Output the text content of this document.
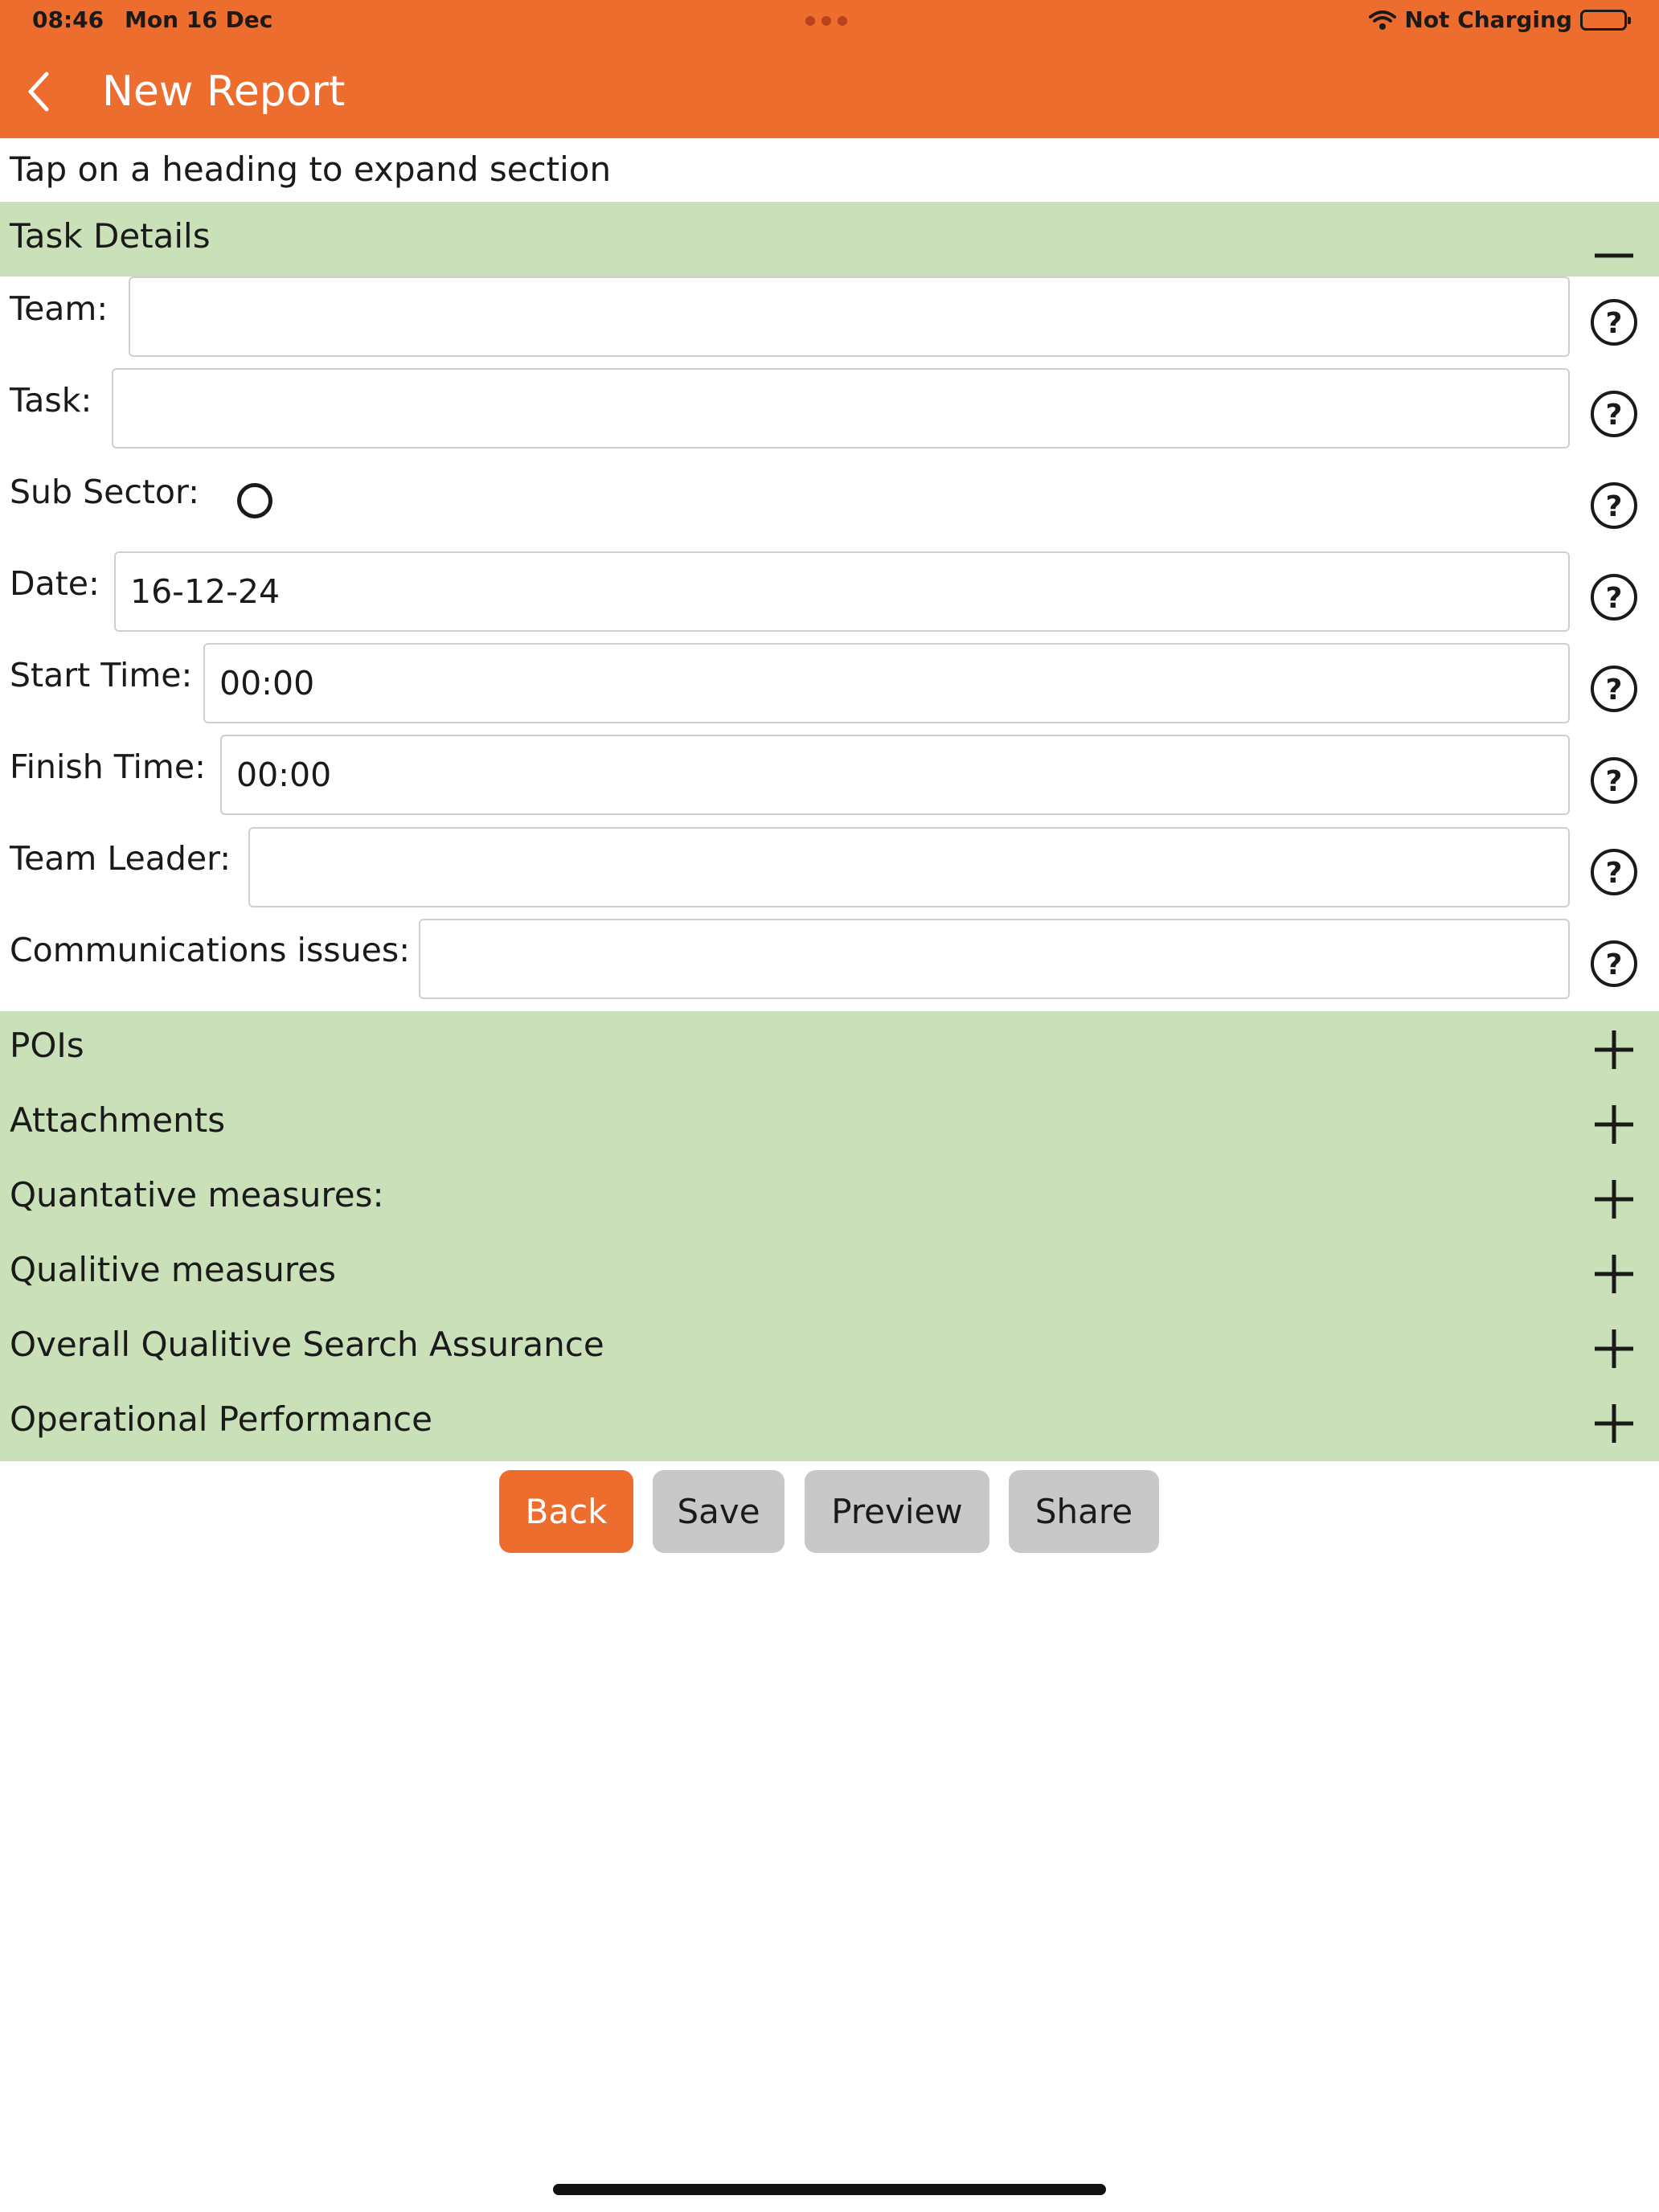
08:46 Mon 16 Dec	Not Charging
New Report
Tap on a heading to expand section
Task Details
Team:	?
Task:	?
Sub Sector:	?
Date: 16-12-24	?
Start Time: 00:00	?
Finish Time: 00:00	?
Team Leader:	?
Communications issues:	?
POIs
Attachments
Quantative measures:
Qualitive measures
Overall Qualitive Search Assurance
Operational Performance
Back	Save	Preview	Share
